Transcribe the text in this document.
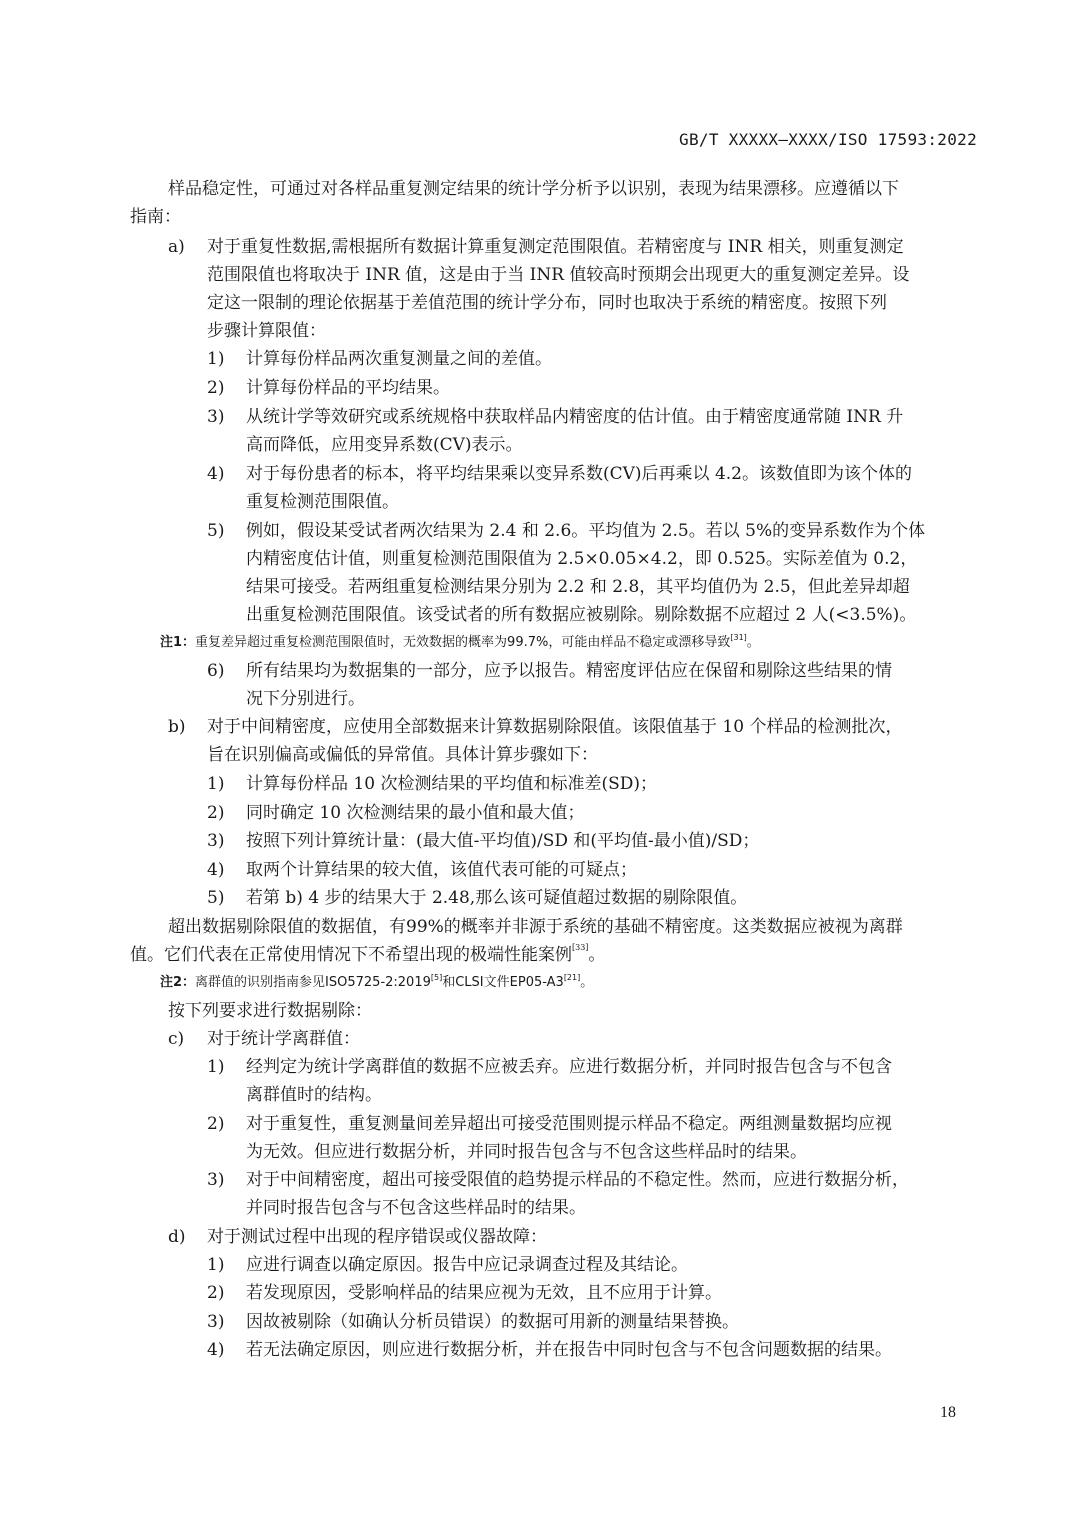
GB/T XXXXX—XXXX/ISO 17593:2022
样品稳定性，可通过对各样品重复测定结果的统计学分析予以识别，表现为结果漂移。应遵循以下
指南：
a) 对于重复性数据,需根据所有数据计算重复测定范围限值。若精密度与 INR 相关，则重复测定
范围限值也将取决于 INR 值，这是由于当 INR 值较高时预期会出现更大的重复测定差异。设
定这一限制的理论依据基于差值范围的统计学分布，同时也取决于系统的精密度。按照下列
步骤计算限值：
1) 计算每份样品两次重复测量之间的差值。
2) 计算每份样品的平均结果。
3) 从统计学等效研究或系统规格中获取样品内精密度的估计值。由于精密度通常随 INR 升
高而降低，应用变异系数(CV)表示。
4) 对于每份患者的标本，将平均结果乘以变异系数(CV)后再乘以 4.2。该数值即为该个体的
重复检测范围限值。
5) 例如，假设某受试者两次结果为 2.4 和 2.6。平均值为 2.5。若以 5%的变异系数作为个体
内精密度估计值，则重复检测范围限值为 2.5×0.05×4.2，即 0.525。实际差值为 0.2，
结果可接受。若两组重复检测结果分别为 2.2 和 2.8，其平均值仍为 2.5，但此差异却超
出重复检测范围限值。该受试者的所有数据应被剔除。剔除数据不应超过 2 人(<3.5%)。
注1：重复差异超过重复检测范围限值时，无效数据的概率为99.7%，可能由样品不稳定或漂移导致[31]。
6) 所有结果均为数据集的一部分，应予以报告。精密度评估应在保留和剔除这些结果的情
况下分别进行。
b) 对于中间精密度，应使用全部数据来计算数据剔除限值。该限值基于 10 个样品的检测批次，
旨在识别偏高或偏低的异常值。具体计算步骤如下：
1) 计算每份样品 10 次检测结果的平均值和标准差(SD)；
2) 同时确定 10 次检测结果的最小值和最大值；
3) 按照下列计算统计量：(最大值-平均值)/SD 和(平均值-最小值)/SD；
4) 取两个计算结果的较大值，该值代表可能的可疑点；
5) 若第 b) 4 步的结果大于 2.48,那么该可疑值超过数据的剔除限值。
超出数据剔除限值的数据值，有99%的概率并非源于系统的基础不精密度。这类数据应被视为离群
值。它们代表在正常使用情况下不希望出现的极端性能案例[33]。
注2：离群值的识别指南参见ISO5725-2:2019[5]和CLSI文件EP05-A3[21]。
按下列要求进行数据剔除：
c) 对于统计学离群值：
1) 经判定为统计学离群值的数据不应被丢弃。应进行数据分析，并同时报告包含与不包含
离群值时的结构。
2) 对于重复性，重复测量间差异超出可接受范围则提示样品不稳定。两组测量数据均应视
为无效。但应进行数据分析，并同时报告包含与不包含这些样品时的结果。
3) 对于中间精密度，超出可接受限值的趋势提示样品的不稳定性。然而，应进行数据分析，
并同时报告包含与不包含这些样品时的结果。
d) 对于测试过程中出现的程序错误或仪器故障：
1) 应进行调查以确定原因。报告中应记录调查过程及其结论。
2) 若发现原因，受影响样品的结果应视为无效，且不应用于计算。
3) 因故被剔除（如确认分析员错误）的数据可用新的测量结果替换。
4) 若无法确定原因，则应进行数据分析，并在报告中同时包含与不包含问题数据的结果。
18
